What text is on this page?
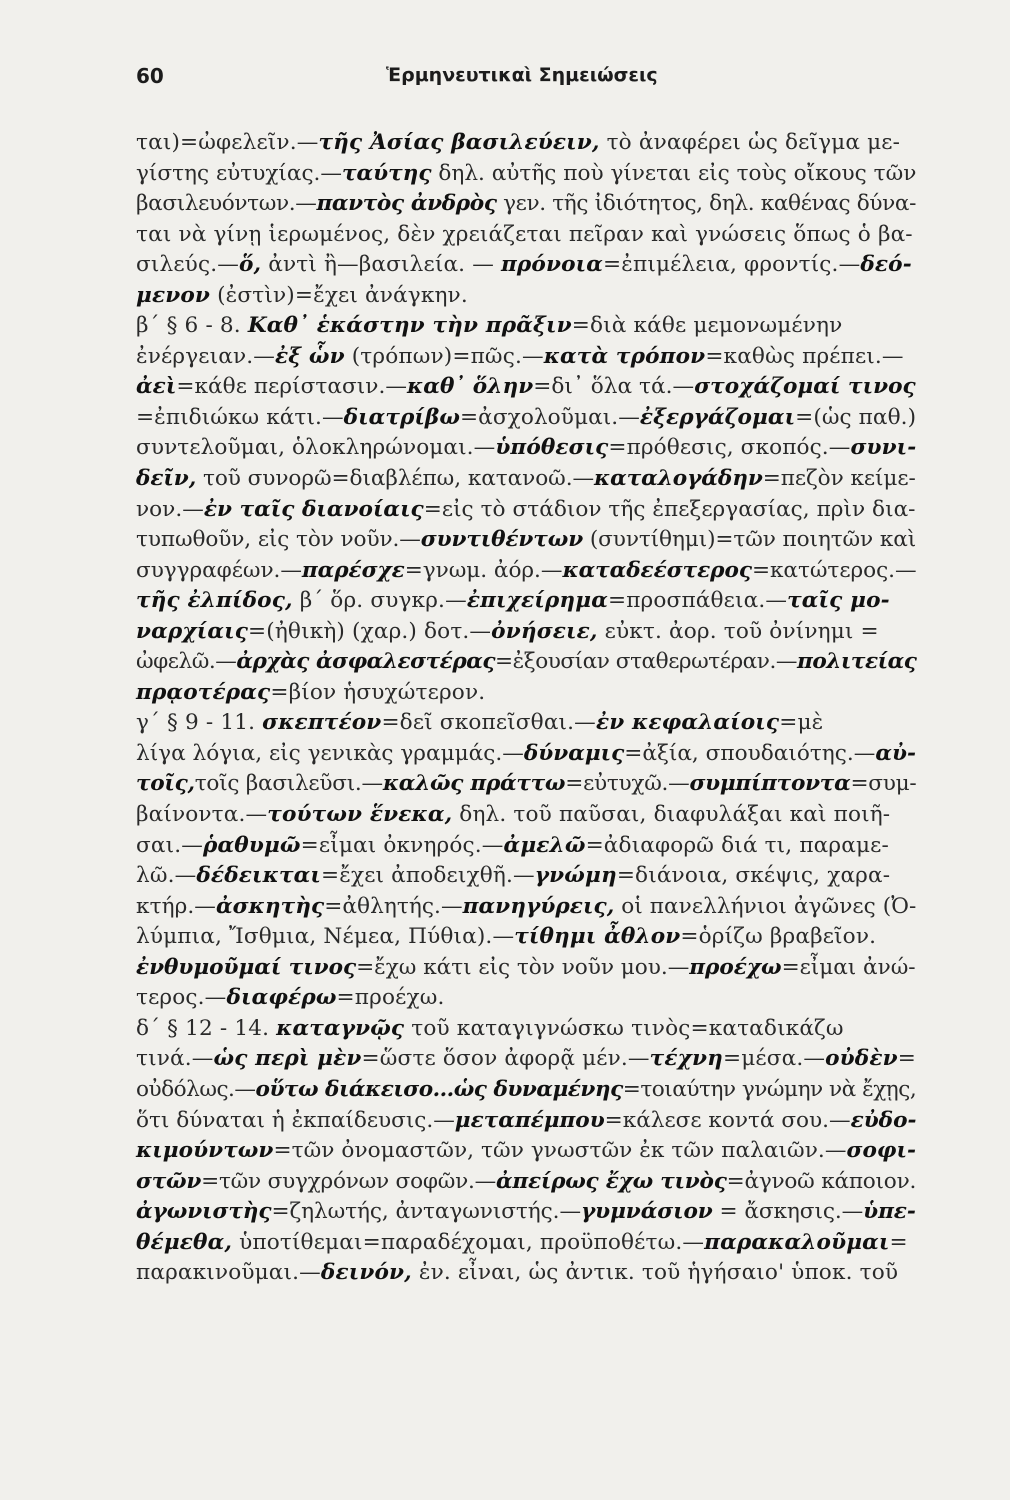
60	Ἑρμηνευτικαὶ Σημειώσεις
ται)=ὠφελεῖν.—τῆς Ἀσίας βασιλεύειν, τὸ ἀναφέρει ὡς δεῖγμα με-
γίστης εὐτυχίας.—ταύτης δηλ. αὐτῆς ποὺ γίνεται εἰς τοὺς οἴκους τῶν
βασιλευόντων.—παντὸς ἀνδρὸς γεν. τῆς ἰδιότητος, δηλ. καθένας δύνα-
ται νὰ γίνῃ ἱερωμένος, δὲν χρειάζεται πεῖραν καὶ γνώσεις ὅπως ὁ βα-
σιλεύς.—ὅ, ἀντὶ ἢ—βασιλεία. — πρόνοια=ἐπιμέλεια, φροντίς.—δεό-
μενον (ἐστὶν)=ἔχει ἀνάγκην.
β´ § 6 - 8. Καθ᾽ ἑκάστην τὴν πρᾶξιν=διὰ κάθε μεμονωμένην
ἐνέργειαν.—ἐξ ὧν (τρόπων)=πῶς.—κατὰ τρόπον=καθὼς πρέπει.—
ἀεὶ=κάθε περίστασιν.—καθ᾽ ὅλην=δι᾽ ὅλα τά.—στοχάζομαί τινος
=ἐπιδιώκω κάτι.—διατρίβω=ἀσχολοῦμαι.—ἐξεργάζομαι=(ὡς παθ.)
συντελοῦμαι, ὁλοκληρώνομαι.—ὑπόθεσις=πρόθεσις, σκοπός.—συνι-
δεῖν, τοῦ συνορῶ=διαβλέπω, κατανοῶ.—καταλογάδην=πεζὸν κείμε-
νον.—ἐν ταῖς διανοίαις=εἰς τὸ στάδιον τῆς ἐπεξεργασίας, πρὶν δια-
τυπωθοῦν, εἰς τὸν νοῦν.—συντιθέντων (συντίθημι)=τῶν ποιητῶν καὶ
συγγραφέων.—παρέσχε=γνωμ. ἀόρ.—καταδεέστερος=κατώτερος.—
τῆς ἐλπίδος, β´ ὅρ. συγκρ.—ἐπιχείρημα=προσπάθεια.—ταῖς μο-
ναρχίαις=(ἠθικὴ) (χαρ.) δοτ.—ὀνήσειε, εὐκτ. ἀορ. τοῦ ὀνίνημι =
ὠφελῶ.—ἀρχὰς ἀσφαλεστέρας=ἐξουσίαν σταθερωτέραν.—πολιτείας
πρᾳοτέρας=βίον ἡσυχώτερον.
γ´ § 9 - 11. σκεπτέον=δεῖ σκοπεῖσθαι.—ἐν κεφαλαίοις=μὲ
λίγα λόγια, εἰς γενικὰς γραμμάς.—δύναμις=ἀξία, σπουδαιότης.—αὐ-
τοῖς,τοῖς βασιλεῦσι.—καλῶς πράττω=εὐτυχῶ.—συμπίπτοντα=συμ-
βαίνοντα.—τούτων ἕνεκα, δηλ. τοῦ παῦσαι, διαφυλάξαι καὶ ποιῆ-
σαι.—ῥαθυμῶ=εἶμαι ὀκνηρός.—ἀμελῶ=ἀδιαφορῶ διά τι, παραμε-
λῶ.—δέδεικται=ἔχει ἀποδειχθῆ.—γνώμη=διάνοια, σκέψις, χαρα-
κτήρ.—ἀσκητὴς=ἀθλητής.—πανηγύρεις, οἱ πανελλήνιοι ἀγῶνες (Ὀ-
λύμπια, Ἴσθμια, Νέμεα, Πύθια).—τίθημι ἆθλον=ὁρίζω βραβεῖον.
ἐνθυμοῦμαί τινος=ἔχω κάτι εἰς τὸν νοῦν μου.—προέχω=εἶμαι ἀνώ-
τερος.—διαφέρω=προέχω.
δ´ § 12 - 14. καταγνῷς τοῦ καταγιγνώσκω τινὸς=καταδικάζω
τινά.—ὡς περὶ μὲν=ὥστε ὅσον ἀφορᾷ μέν.—τέχνη=μέσα.—οὐδὲν=
οὐδόλως.—οὕτω διάκεισο...ὡς δυναμένης=τοιαύτην γνώμην νὰ ἔχῃς,
ὅτι δύναται ἡ ἐκπαίδευσις.—μεταπέμπου=κάλεσε κοντά σου.—εὐδο-
κιμούντων=τῶν ὀνομαστῶν, τῶν γνωστῶν ἐκ τῶν παλαιῶν.—σοφι-
στῶν=τῶν συγχρόνων σοφῶν.—ἀπείρως ἔχω τινὸς=ἀγνοῶ κάποιον.
ἀγωνιστὴς=ζηλωτής, ἀνταγωνιστής.—γυμνάσιον = ἄσκησις.—ὑπε-
θέμεθα, ὑποτίθεμαι=παραδέχομαι, προϋποθέτω.—παρακαλοῦμαι=
παρακινοῦμαι.—δεινόν, ἐν. εἶναι, ὡς ἀντικ. τοῦ ἡγήσαιο' ὑποκ. τοῦ
